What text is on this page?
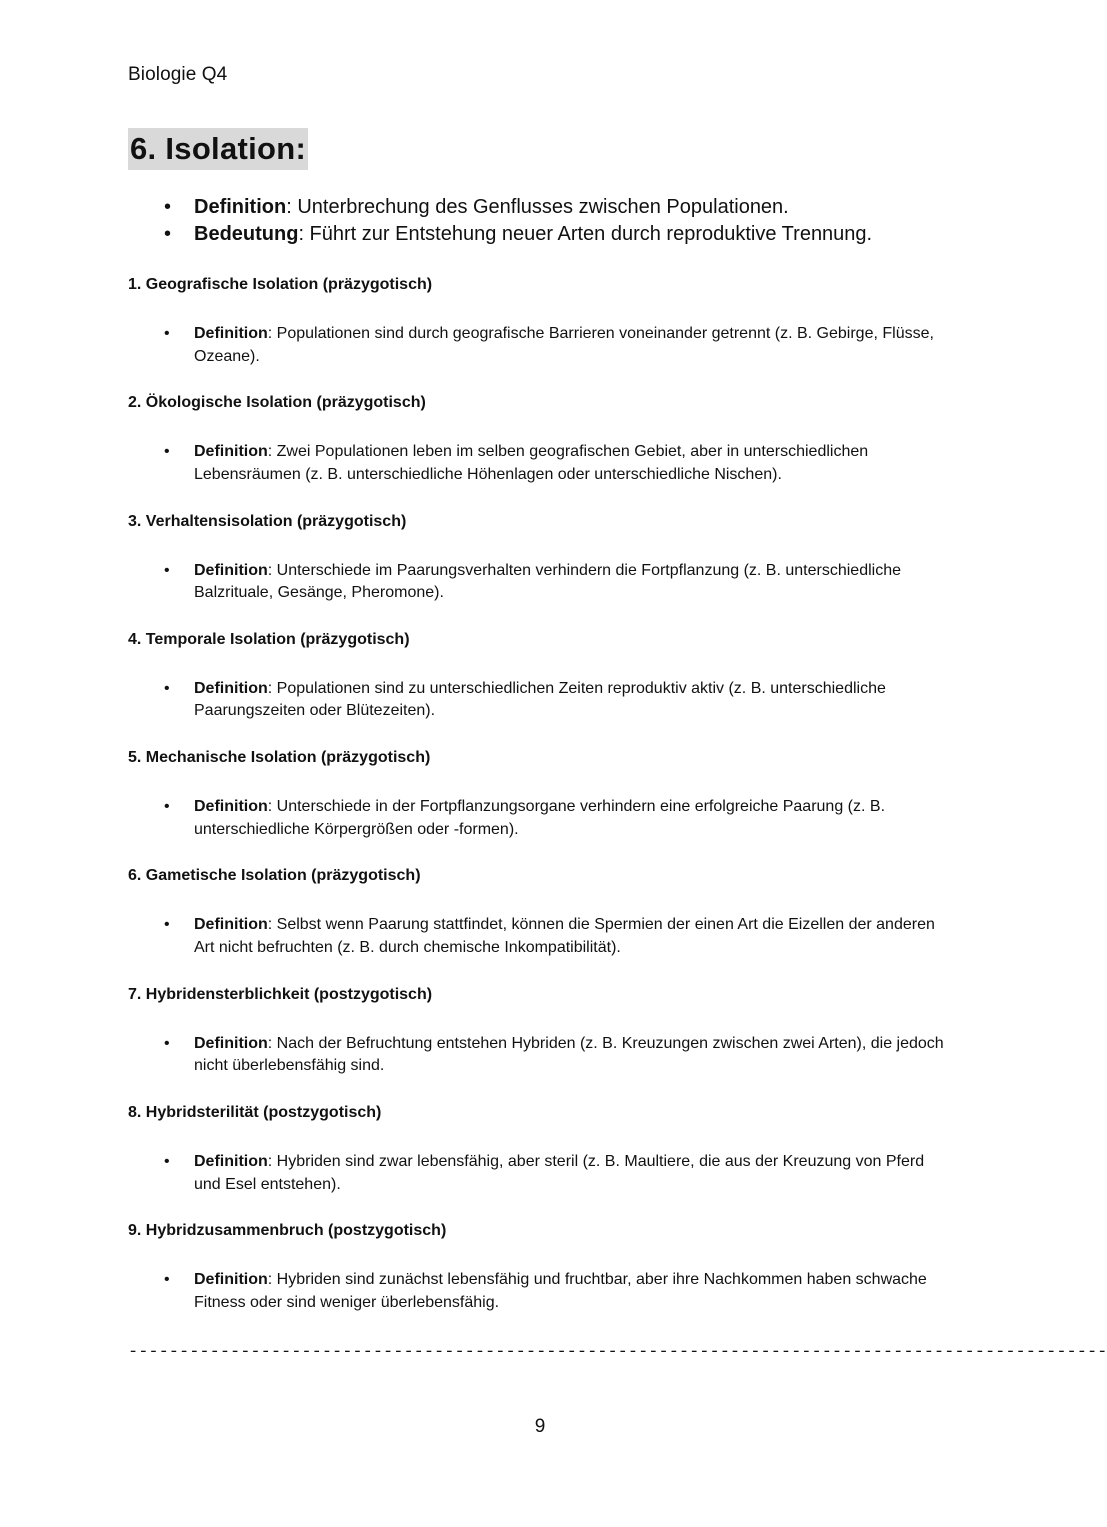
Biologie Q4
6. Isolation:
• Definition: Unterbrechung des Genflusses zwischen Populationen.
• Bedeutung: Führt zur Entstehung neuer Arten durch reproduktive Trennung.
1. Geografische Isolation (präzygotisch)
• Definition: Populationen sind durch geografische Barrieren voneinander getrennt (z. B. Gebirge, Flüsse, Ozeane).
2. Ökologische Isolation (präzygotisch)
• Definition: Zwei Populationen leben im selben geografischen Gebiet, aber in unterschiedlichen Lebensräumen (z. B. unterschiedliche Höhenlagen oder unterschiedliche Nischen).
3. Verhaltensisolation (präzygotisch)
• Definition: Unterschiede im Paarungsverhalten verhindern die Fortpflanzung (z. B. unterschiedliche Balzrituale, Gesänge, Pheromone).
4. Temporale Isolation (präzygotisch)
• Definition: Populationen sind zu unterschiedlichen Zeiten reproduktiv aktiv (z. B. unterschiedliche Paarungszeiten oder Blütezeiten).
5. Mechanische Isolation (präzygotisch)
• Definition: Unterschiede in der Fortpflanzungsorgane verhindern eine erfolgreiche Paarung (z. B. unterschiedliche Körpergrößen oder -formen).
6. Gametische Isolation (präzygotisch)
• Definition: Selbst wenn Paarung stattfindet, können die Spermien der einen Art die Eizellen der anderen Art nicht befruchten (z. B. durch chemische Inkompatibilität).
7. Hybridensterblichkeit (postzygotisch)
• Definition: Nach der Befruchtung entstehen Hybriden (z. B. Kreuzungen zwischen zwei Arten), die jedoch nicht überlebensfähig sind.
8. Hybridsterilität (postzygotisch)
• Definition: Hybriden sind zwar lebensfähig, aber steril (z. B. Maultiere, die aus der Kreuzung von Pferd und Esel entstehen).
9. Hybridzusammenbruch (postzygotisch)
• Definition: Hybriden sind zunächst lebensfähig und fruchtbar, aber ihre Nachkommen haben schwache Fitness oder sind weniger überlebensfähig.
------------------------------------------------------------------------------------------------
9
